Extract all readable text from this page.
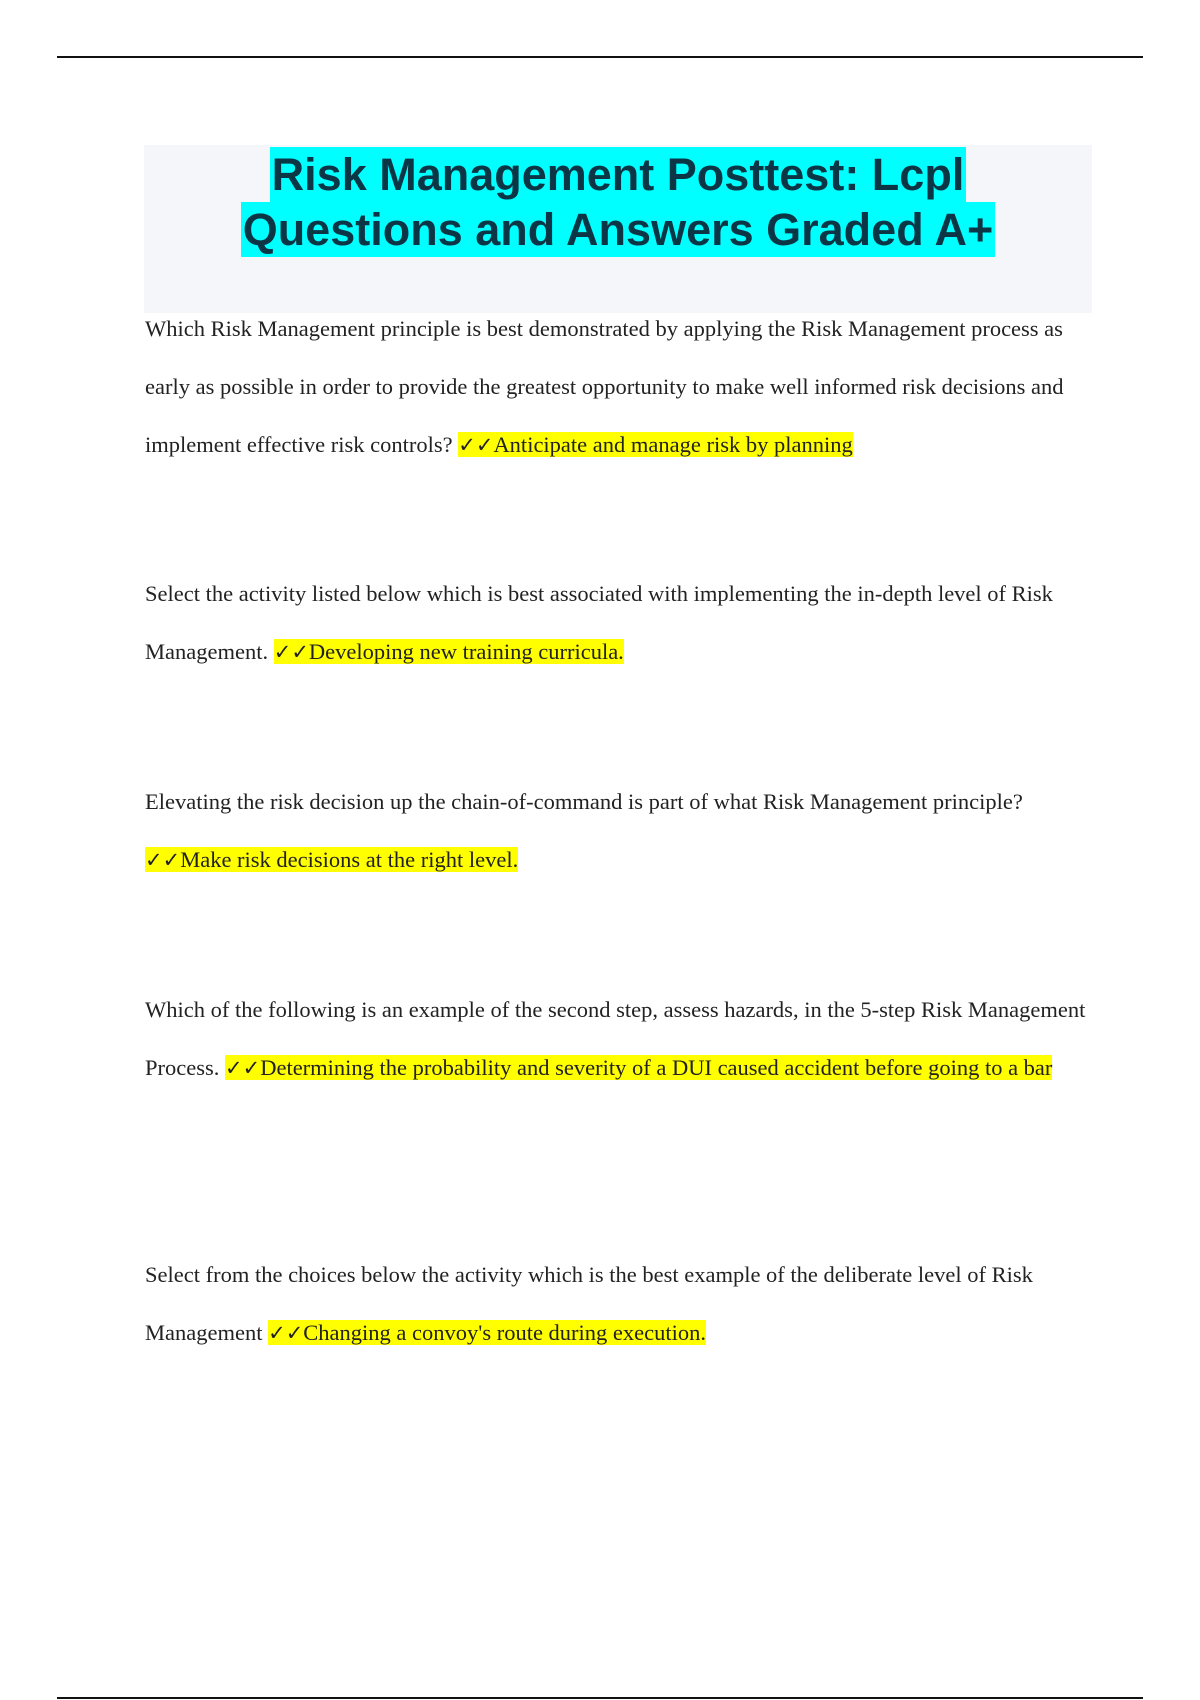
Risk Management Posttest: Lcpl
Questions and Answers Graded A+

Which Risk Management principle is best demonstrated by applying the Risk Management process as early as possible in order to provide the greatest opportunity to make well informed risk decisions and implement effective risk controls? ✓✓Anticipate and manage risk by planning

Select the activity listed below which is best associated with implementing the in-depth level of Risk Management. ✓✓Developing new training curricula.

Elevating the risk decision up the chain-of-command is part of what Risk Management principle? ✓✓Make risk decisions at the right level.

Which of the following is an example of the second step, assess hazards, in the 5-step Risk Management Process. ✓✓Determining the probability and severity of a DUI caused accident before going to a bar

Select from the choices below the activity which is the best example of the deliberate level of Risk Management ✓✓Changing a convoy's route during execution.
